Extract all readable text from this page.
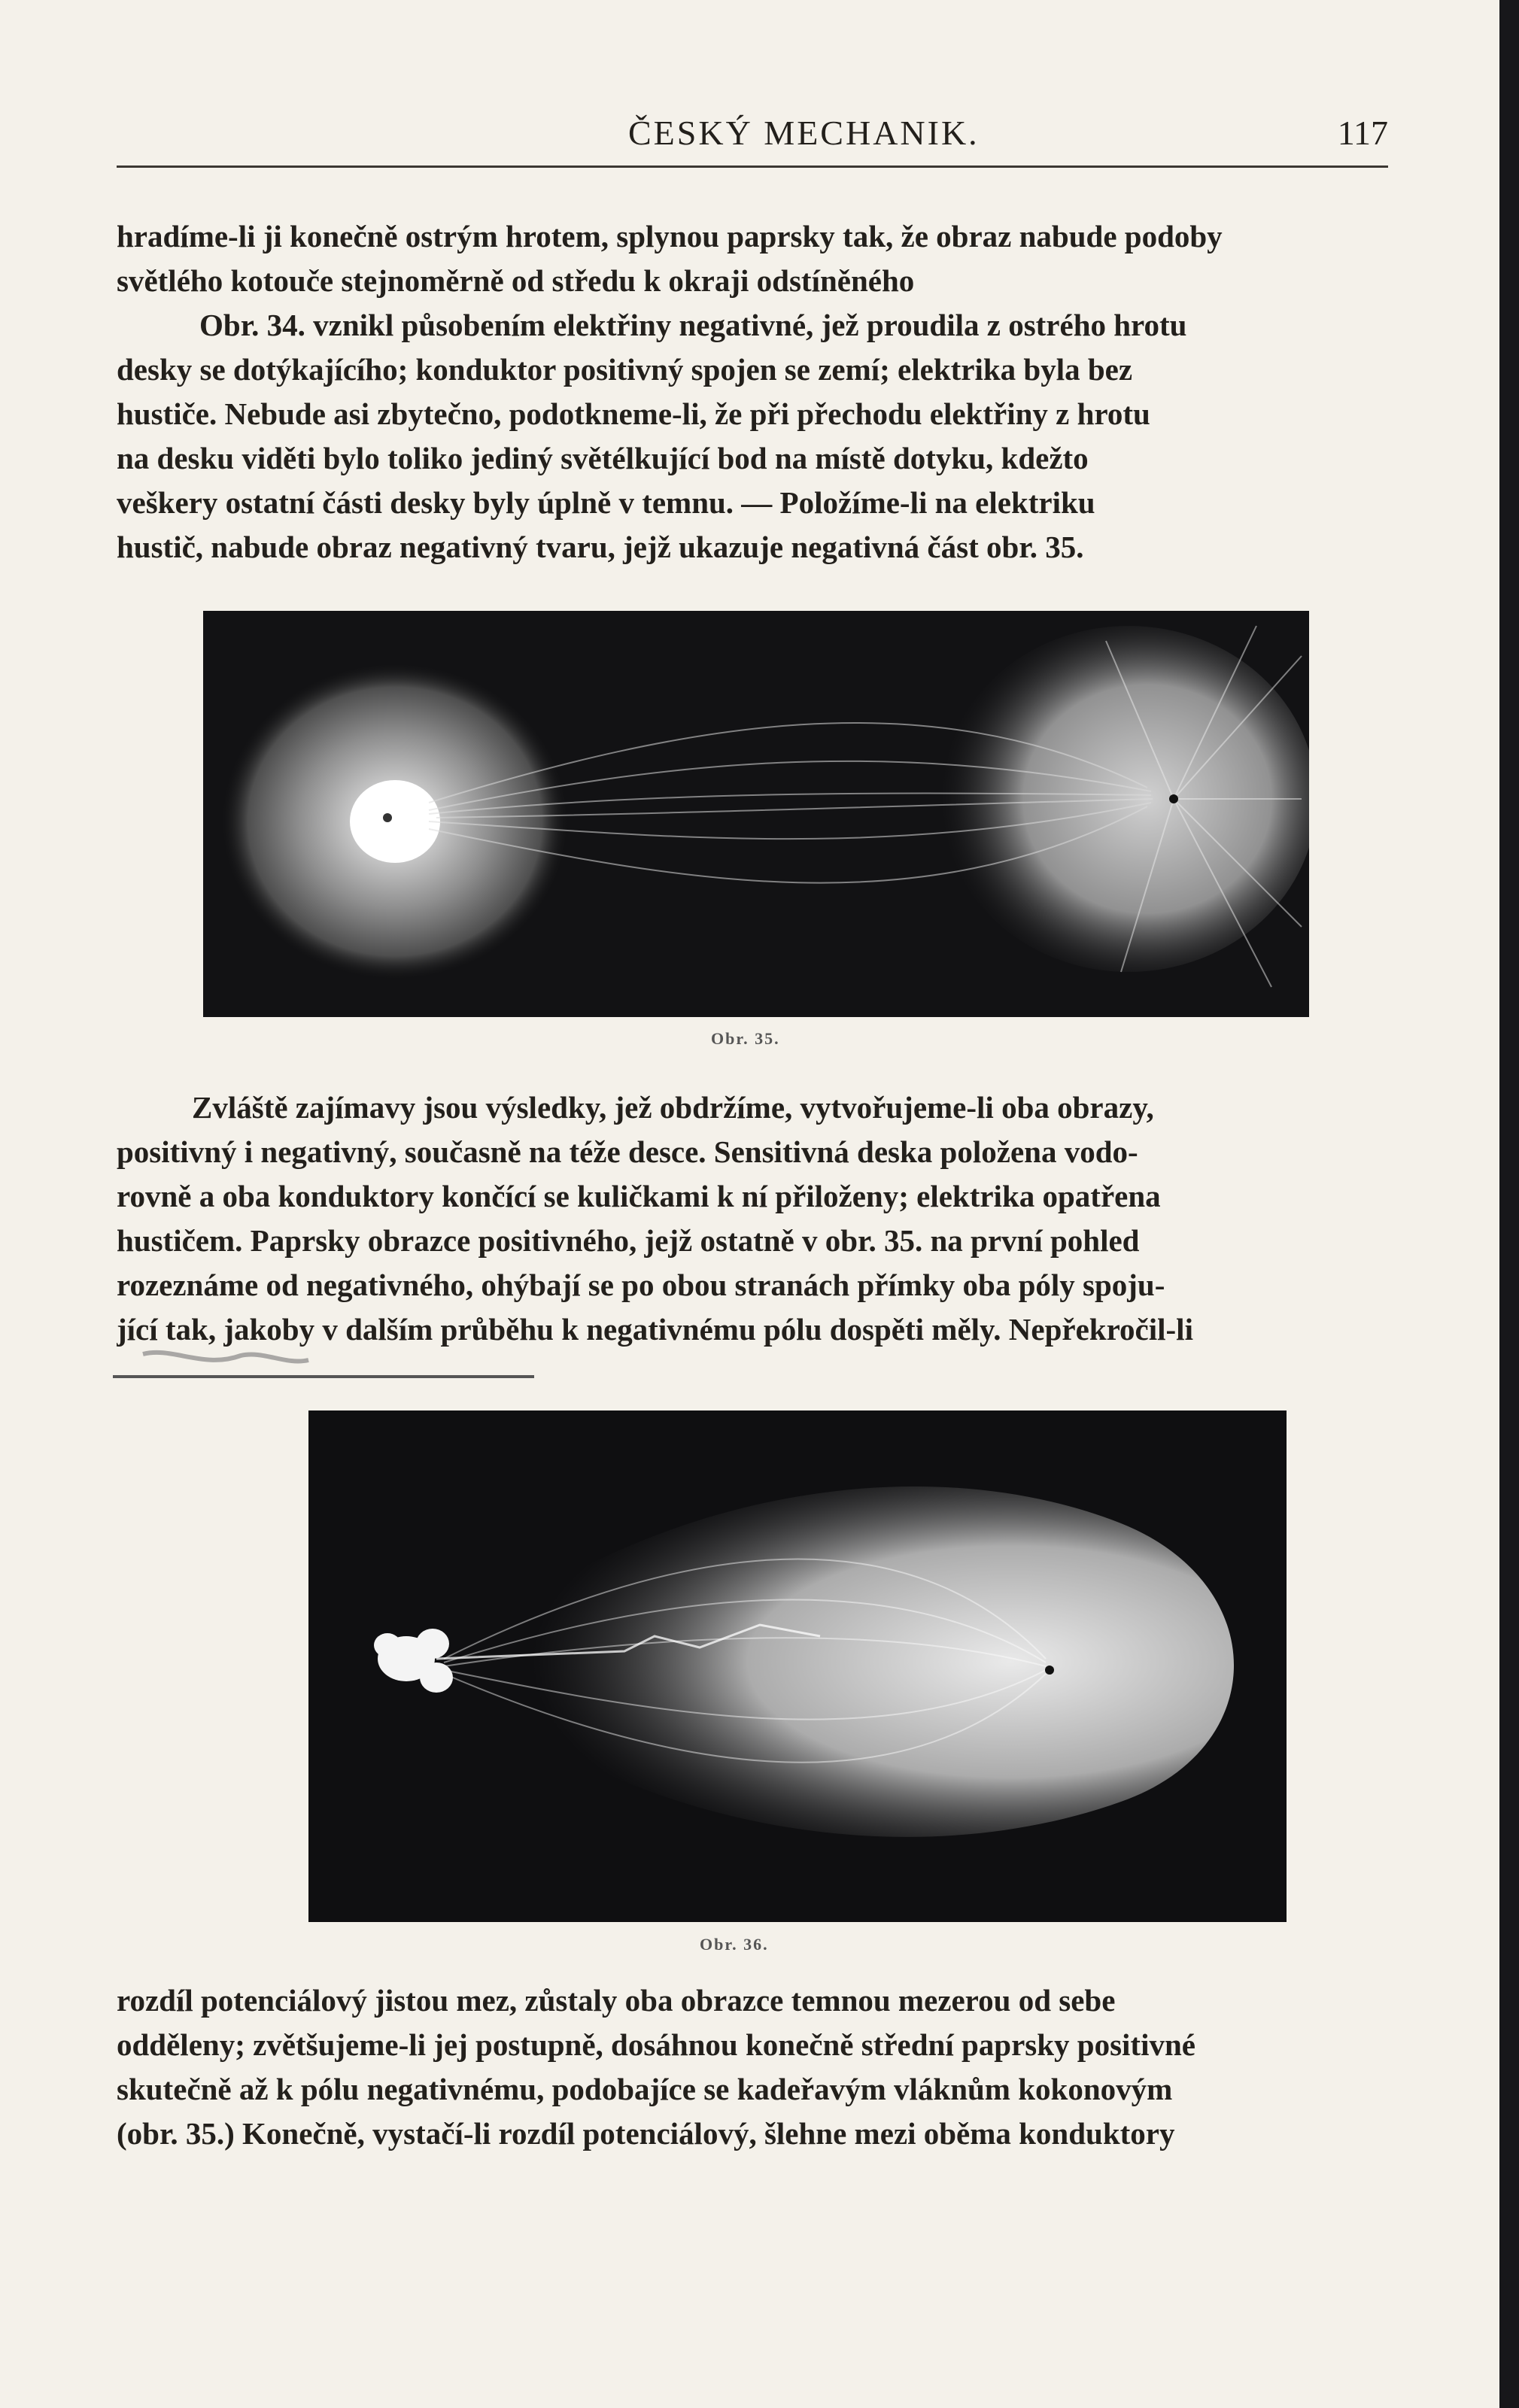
ČESKÝ MECHANIK.	117
hradíme-li ji konečně ostrým hrotem, splynou paprsky tak, že obraz nabude podoby
světlého kotouče stejnoměrně od středu k okraji odstíněného
Obr. 34. vznikl působením elektřiny negativné, jež proudila z ostrého hrotu
desky se dotýkajícího; konduktor positivný spojen se zemí; elektrika byla bez
hustiče. Nebude asi zbytečno, podotkneme-li, že při přechodu elektřiny z hrotu
na desku viděti bylo toliko jediný světélkující bod na místě dotyku, kdežto
veškery ostatní části desky byly úplně v temnu. — Položíme-li na elektriku
hustič, nabude obraz negativný tvaru, jejž ukazuje negativná část obr. 35.
Obr. 35.
Zvláště zajímavy jsou výsledky, jež obdržíme, vytvořujeme-li oba obrazy,
positivný i negativný, současně na téže desce. Sensitivná deska položena vodo-
rovně a oba konduktory končící se kuličkami k ní přiloženy; elektrika opatřena
hustičem. Paprsky obrazce positivného, jejž ostatně v obr. 35. na první pohled
rozeznáme od negativného, ohýbají se po obou stranách přímky oba póly spoju-
jící tak, jakoby v dalším průběhu k negativnému pólu dospěti měly. Nepřekročil-li
Obr. 36.
rozdíl potenciálový jistou mez, zůstaly oba obrazce temnou mezerou od sebe
odděleny; zvětšujeme-li jej postupně, dosáhnou konečně střední paprsky positivné
skutečně až k pólu negativnému, podobajíce se kadeřavým vláknům kokonovým
(obr. 35.) Konečně, vystačí-li rozdíl potenciálový, šlehne mezi oběma konduktory
